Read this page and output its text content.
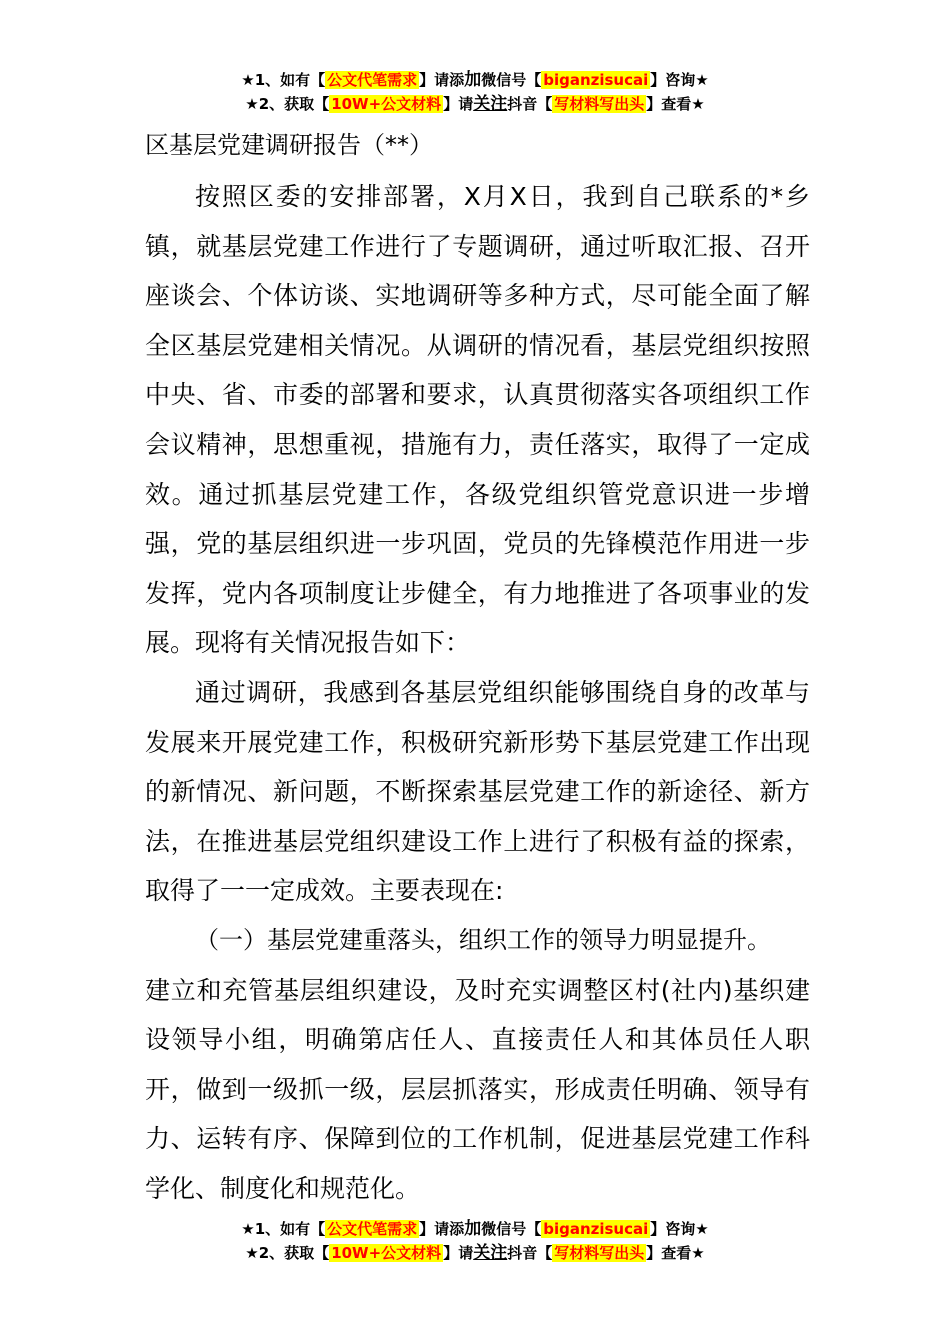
★1、如有【 公文代笔需求 】请添加微信号【 biganzisucai 】咨询★
★2、获取【 10W+公文材料 】请关注抖音【 写材料写出头 】查看★
区基层党建调研报告（**）

按照区委的安排部署，X月X日，我到自己联系的*乡镇，就基层党建工作进行了专题调研，通过听取汇报、召开座谈会、个体访谈、实地调研等多种方式，尽可能全面了解全区基层党建相关情况。从调研的情况看，基层党组织按照中央、省、市委的部署和要求，认真贯彻落实各项组织工作会议精神，思想重视，措施有力，责任落实，取得了一定成效。通过抓基层党建工作，各级党组织管党意识进一步增强，党的基层组织进一步巩固，党员的先锋模范作用进一步发挥，党内各项制度让步健全，有力地推进了各项事业的发展。现将有关情况报告如下：

通过调研，我感到各基层党组织能够围绕自身的改革与发展来开展党建工作，积极研究新形势下基层党建工作出现的新情况、新问题，不断探索基层党建工作的新途径、新方法，在推进基层党组织建设工作上进行了积极有益的探索，取得了一一定成效。主要表现在:

（一）基层党建重落头，组织工作的领导力明显提升。

建立和充管基层组织建设，及时充实调整区村(社内)基织建设领导小组，明确第店任人、直接责任人和其体员任人职开，做到一级抓一级，层层抓落实，形成责任明确、领导有力、运转有序、保障到位的工作机制，促进基层党建工作科学化、制度化和规范化。

★1、如有【 公文代笔需求 】请添加微信号【 biganzisucai 】咨询★
★2、获取【 10W+公文材料 】请关注抖音【 写材料写出头 】查看★
